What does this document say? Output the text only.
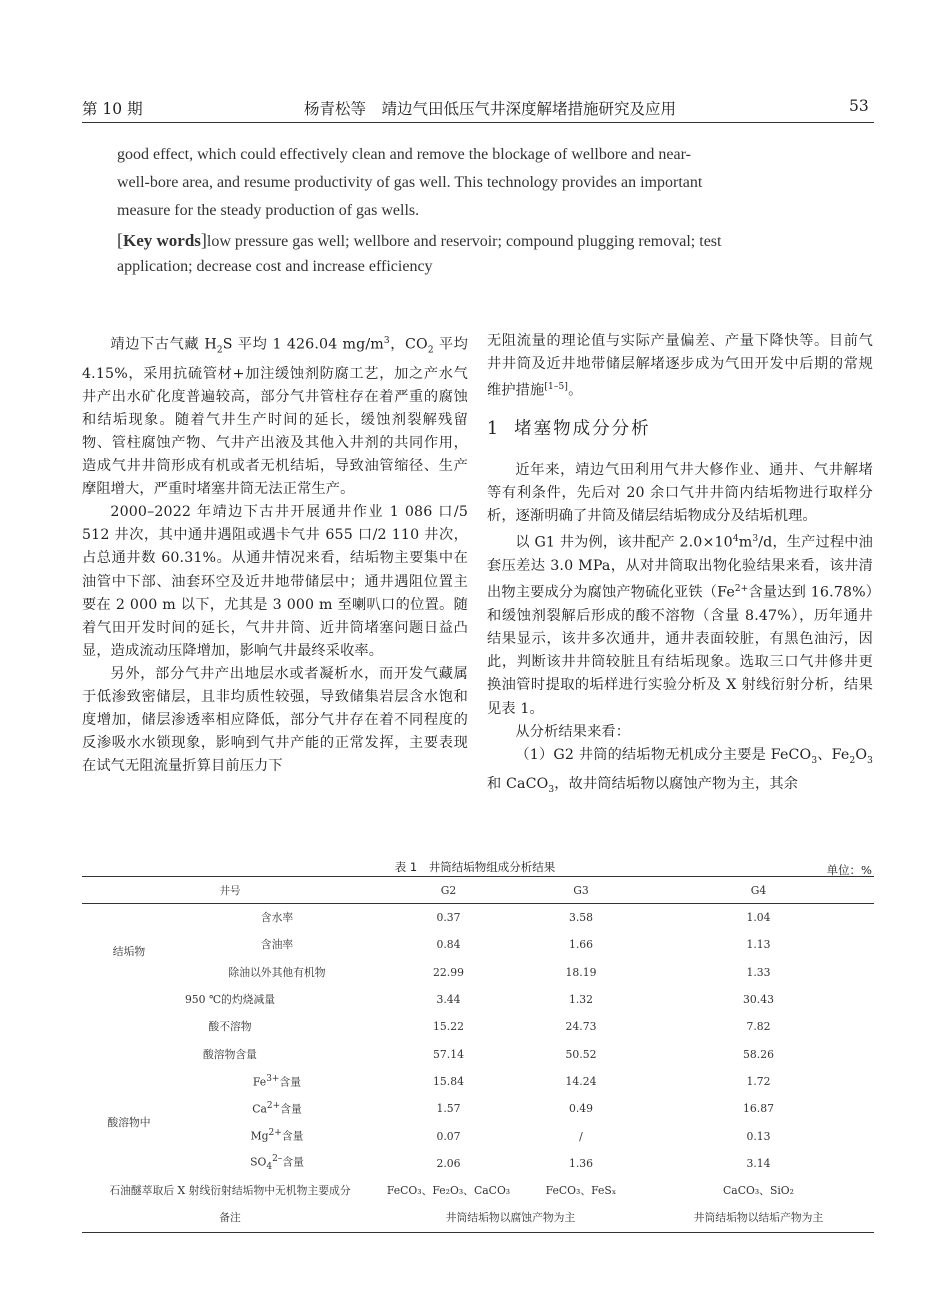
第 10 期	杨青松等　靖边气田低压气井深度解堵措施研究及应用	53
good effect, which could effectively clean and remove the blockage of wellbore and near-
well-bore area, and resume productivity of gas well. This technology provides an important
measure for the steady production of gas wells.
[Key words]low pressure gas well; wellbore and reservoir; compound plugging removal; test
application; decrease cost and increase efficiency

靖边下古气藏 $H_2S$ 平均 1 426.04 $mg/m^3$，$CO_2$ 平均 4.15%，采用抗硫管材+加注缓蚀剂防腐工艺，加之产水气井产出水矿化度普遍较高，部分气井管柱存在着严重的腐蚀和结垢现象。随着气井生产时间的延长，缓蚀剂裂解残留物、管柱腐蚀产物、气井产出液及其他入井剂的共同作用，造成气井井筒形成有机或者无机结垢，导致油管缩径、生产摩阻增大，严重时堵塞井筒无法正常生产。

2000–2022 年靖边下古井开展通井作业 1 086 口/5 512 井次，其中通井遇阻或遇卡气井 655 口/2 110 井次，占总通井数 60.31%。从通井情况来看，结垢物主要集中在油管中下部、油套环空及近井地带储层中；通井遇阻位置主要在 2 000 m 以下，尤其是 3 000 m 至喇叭口的位置。随着气田开发时间的延长，气井井筒、近井筒堵塞问题日益凸显，造成流动压降增加，影响气井最终采收率。

另外，部分气井产出地层水或者凝析水，而开发气藏属于低渗致密储层，且非均质性较强，导致储集岩层含水饱和度增加，储层渗透率相应降低，部分气井存在着不同程度的反渗吸水水锁现象，影响到气井产能的正常发挥，主要表现在试气无阻流量折算目前压力下

无阻流量的理论值与实际产量偏差、产量下降快等。目前气井井筒及近井地带储层解堵逐步成为气田开发中后期的常规维护措施[1–5]。

1 堵塞物成分分析

近年来，靖边气田利用气井大修作业、通井、气井解堵等有利条件，先后对 20 余口气井井筒内结垢物进行取样分析，逐渐明确了井筒及储层结垢物成分及结垢机理。

以 G1 井为例，该井配产 $2.0\times 10^4m^3/d$，生产过程中油套压差达 3.0 MPa，从对井筒取出物化验结果来看，该井清出物主要成分为腐蚀产物硫化亚铁（$Fe^{2+}$含量达到 16.78%）和缓蚀剂裂解后形成的酸不溶物（含量 8.47%），历年通井结果显示，该井多次通井，通井表面较脏，有黑色油污，因此，判断该井井筒较脏且有结垢现象。选取三口气井修井更换油管时提取的垢样进行实验分析及 X 射线衍射分析，结果见表 1。

从分析结果来看：

（1）G2 井筒的结垢物无机成分主要是 FeCO$_3$、$Fe_2O_3$ 和 CaCO$_3$，故井筒结垢物以腐蚀产物为主，其余

表 1　井筒结垢物组成分析结果	单位：%
井号		G2	G3	G4
结垢物	含水率	0.37	3.58	1.04
	含油率	0.84	1.66	1.13
	除油以外其他有机物	22.99	18.19	1.33
950 ℃的灼烧减量		3.44	1.32	30.43
酸不溶物		15.22	24.73	7.82
酸溶物含量		57.14	50.52	58.26
酸溶物中	$Fe^{3+}$含量	15.84	14.24	1.72
	$Ca^{2+}$含量	1.57	0.49	16.87
	$Mg^{2+}$含量	0.07	/	0.13
	$SO_4^{2-}$含量	2.06	1.36	3.14
石油醚萃取后 X 射线衍射结垢物中无机物主要成分		FeCO₃、Fe₂O₃、CaCO₃	FeCO₃、FeSₓ	CaCO₃、SiO₂
备注		井筒结垢物以腐蚀产物为主		井筒结垢物以结垢产物为主
